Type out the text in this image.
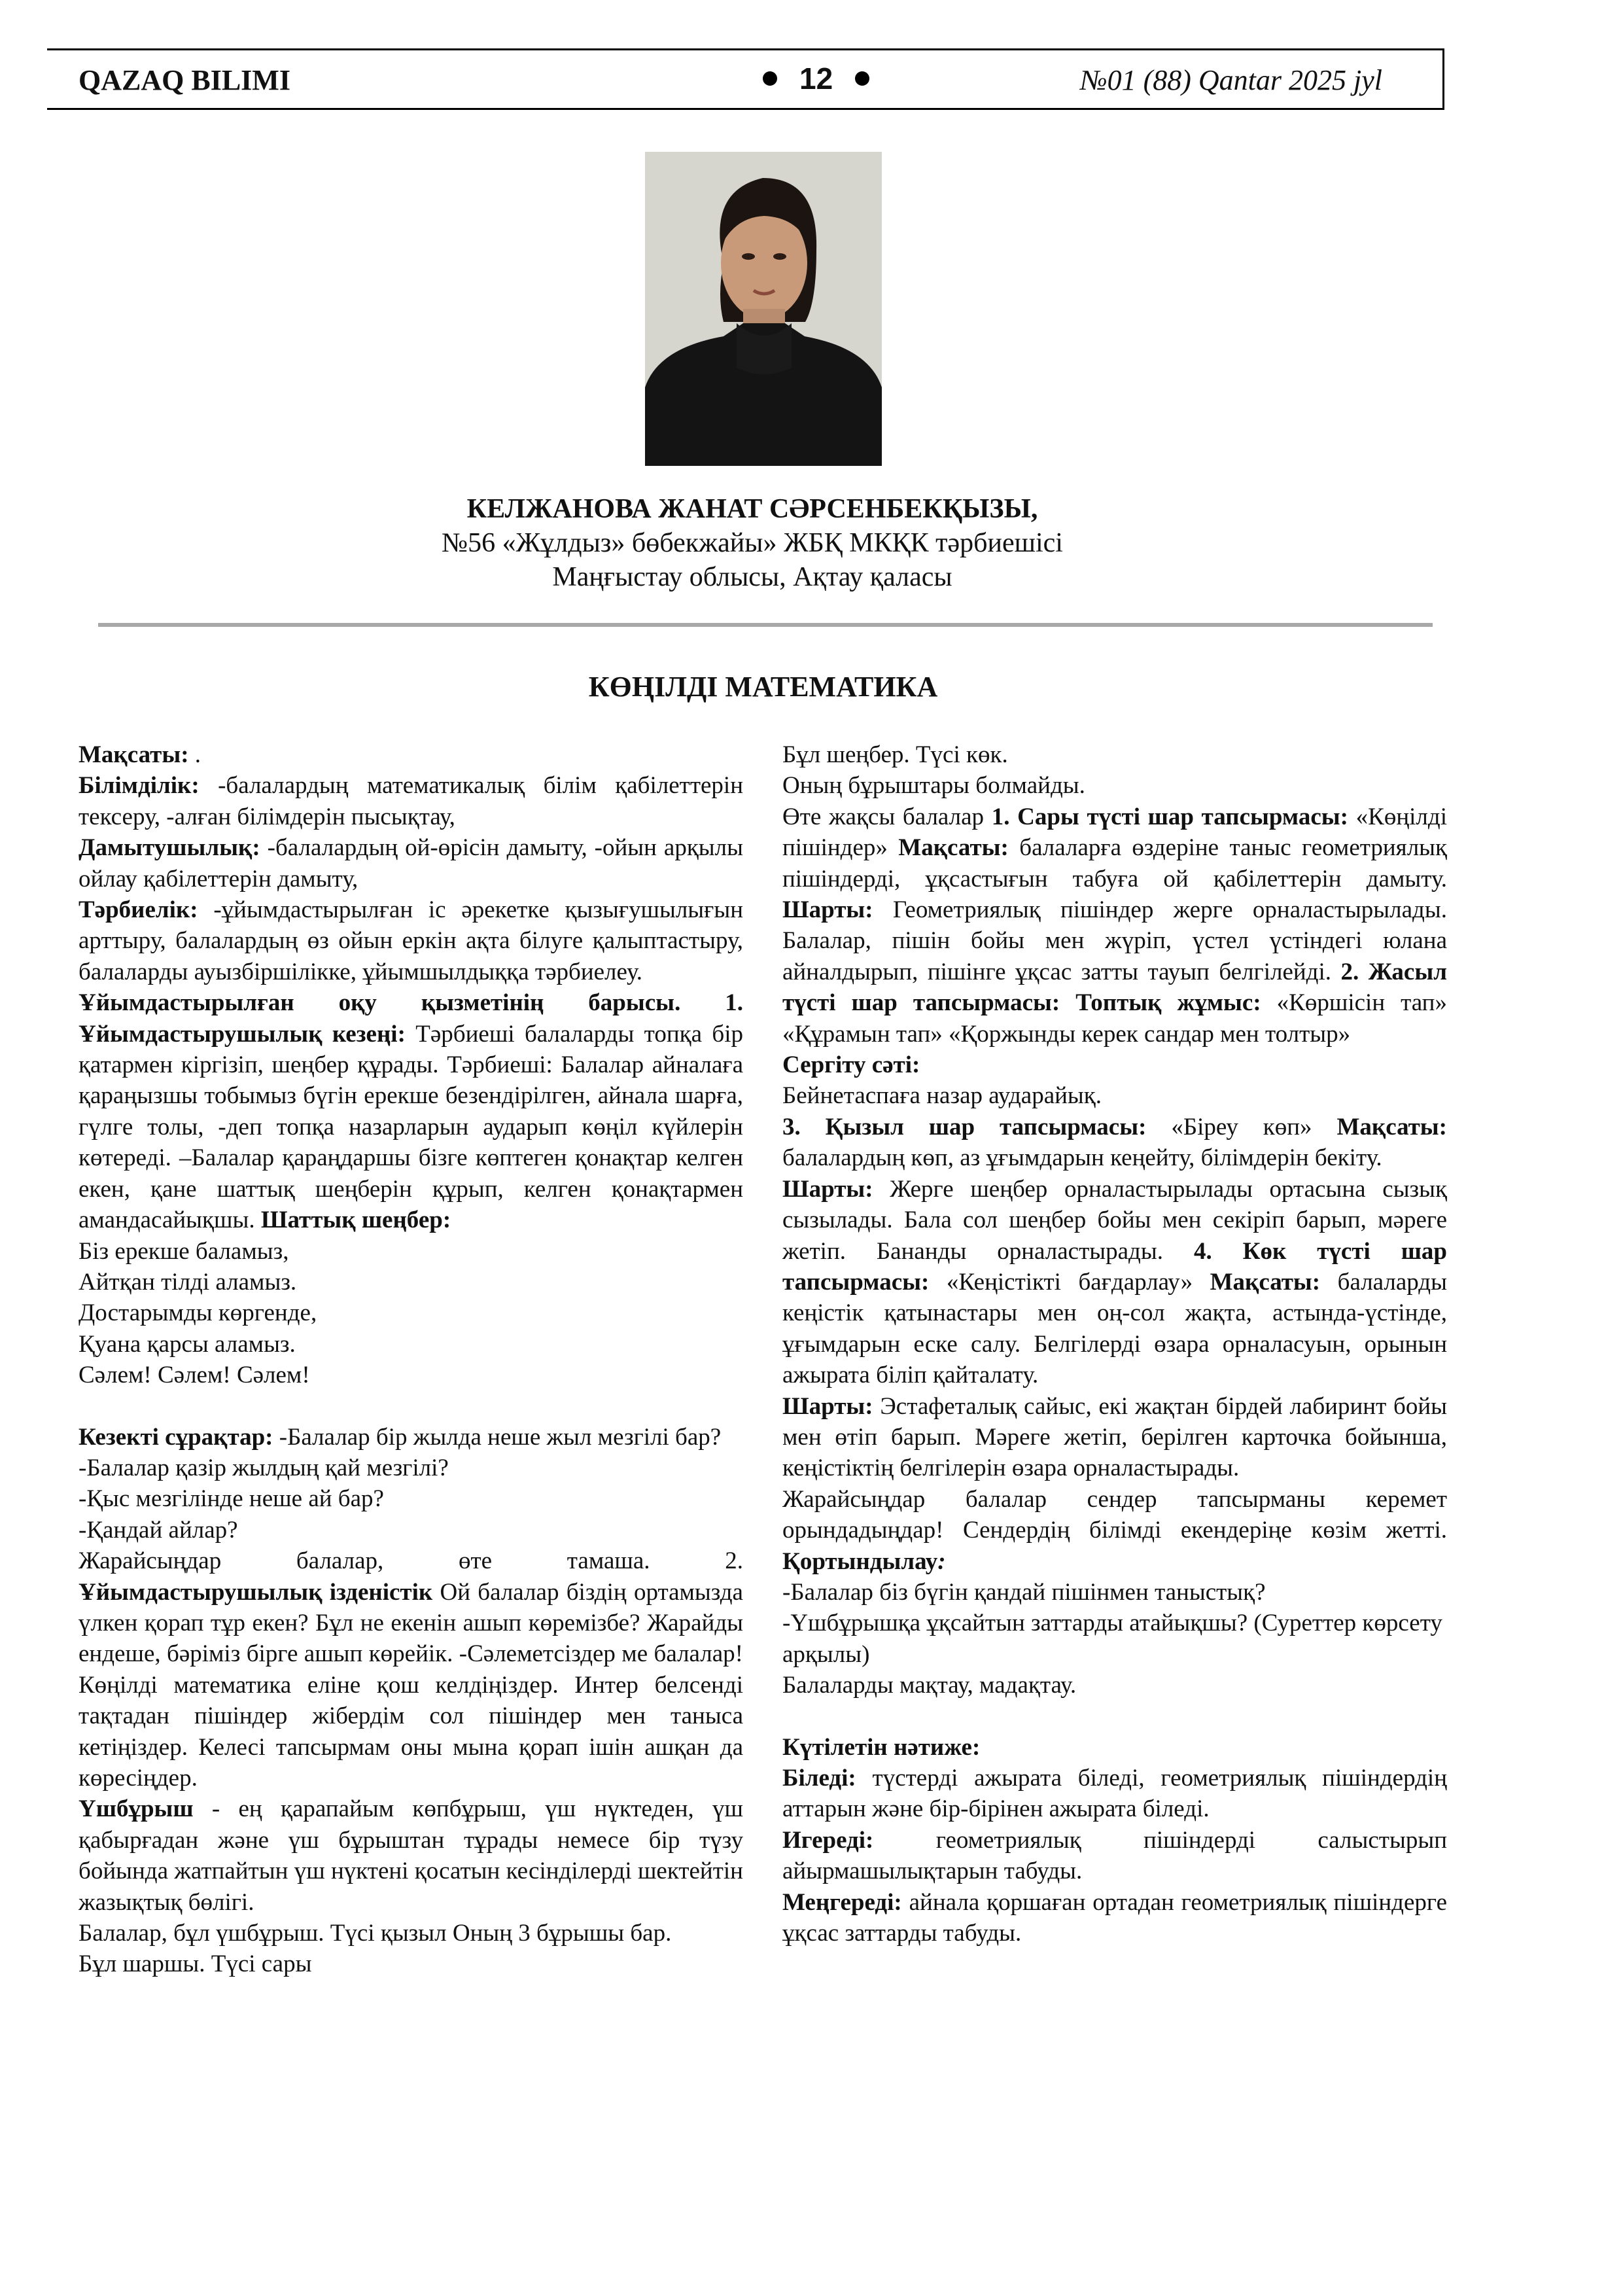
QAZAQ BILIMI	12	№01 (88) Qantar 2025 jyl
КЕЛЖАНОВА ЖАНАТ СӘРСЕНБЕКҚЫЗЫ,
№56 «Жұлдыз» бөбекжайы» ЖБҚ МКҚК тәрбиешісі
Маңғыстау облысы, Ақтау қаласы
КӨҢІЛДІ МАТЕМАТИКА

Мақсаты: .

Білімділік: -балалардың математикалық білім қабілеттерін тексеру, -алған білімдерін пысықтау,

Дамытушылық: -балалардың ой-өрісін дамыту, -ойын арқылы ойлау қабілеттерін дамыту,

Тәрбиелік: -ұйымдастырылған іс әрекетке қызығушылығын арттыру, балалардың өз ойын еркін ақта білуге қалыптастыру, балаларды ауызбіршілікке, ұйымшылдыққа тәрбиелеу.

Ұйымдастырылған оқу қызметінің барысы. 1. Ұйымдастырушылық кезеңі: Тәрбиеші балаларды топқа бір қатармен кіргізіп, шеңбер құрады. Тәрбиеші: Балалар айналаға қараңызшы тобымыз бүгін ерекше безендірілген, айнала шарға, гүлге толы, -деп топқа назарларын аударып көңіл күйлерін көтереді. –Балалар қараңдаршы бізге көптеген қонақтар келген екен, қане шаттық шеңберін құрып, келген қонақтармен амандасайықшы. Шаттық шеңбер:

Біз ерекше баламыз,

Айтқан тілді аламыз.

Достарымды көргенде,

Қуана қарсы аламыз.

Сәлем! Сәлем! Сәлем!

Кезекті сұрақтар: -Балалар бір жылда неше жыл мезгілі бар?

-Балалар қазір жылдың қай мезгілі?

-Қыс мезгілінде неше ай бар?

-Қандай айлар?

Жарайсыңдар балалар, өте тамаша. 2.

Ұйымдастырушылық ізденістік Ой балалар біздің ортамызда үлкен қорап тұр екен? Бұл не екенін ашып көремізбе? Жарайды ендеше, бәріміз бірге ашып көрейік. -Сәлеметсіздер ме балалар! Көңілді математика еліне қош келдіңіздер. Интер белсенді тақтадан пішіндер жібердім сол пішіндер мен таныса кетіңіздер. Келесі тапсырмам оны мына қорап ішін ашқан да көресіңдер.

Үшбұрыш - ең қарапайым көпбұрыш, үш нүктеден, үш қабырғадан және үш бұрыштан тұрады немесе бір түзу бойында жатпайтын үш нүктені қосатын кесінділерді шектейтін жазықтық бөлігі.

Балалар, бұл үшбұрыш. Түсі қызыл Оның 3 бұрышы бар.

Бұл шаршы. Түсі сары

Бұл шеңбер. Түсі көк.

Оның бұрыштары болмайды.

Өте жақсы балалар 1. Сары түсті шар тапсырмасы: «Көңілді пішіндер» Мақсаты: балаларға өздеріне таныс геометриялық пішіндерді, ұқсастығын табуға ой қабілеттерін дамыту. Шарты: Геометриялық пішіндер жерге орналастырылады. Балалар, пішін бойы мен жүріп, үстел үстіндегі юлана айналдырып, пішінге ұқсас затты тауып белгілейді. 2. Жасыл түсті шар тапсырмасы: Топтық жұмыс: «Көршісін тап» «Құрамын тап» «Қоржынды керек сандар мен толтыр»

Сергіту сәті:

Бейнетаспаға назар аударайық.

3. Қызыл шар тапсырмасы: «Біреу көп» Мақсаты: балалардың көп, аз ұғымдарын кеңейту, білімдерін бекіту.

Шарты: Жерге шеңбер орналастырылады ортасына сызық сызылады. Бала сол шеңбер бойы мен секіріп барып, мәреге жетіп. Бананды орналастырады. 4. Көк түсті шар тапсырмасы: «Кеңістікті бағдарлау» Мақсаты: балаларды кеңістік қатынастары мен оң-сол жақта, астында-үстінде, ұғымдарын еске салу. Белгілерді өзара орналасуын, орынын ажырата біліп қайталату.

Шарты: Эстафеталық сайыс, екі жақтан бірдей лабиринт бойы мен өтіп барып. Мәреге жетіп, берілген карточка бойынша, кеңістіктің белгілерін өзара орналастырады.

Жарайсыңдар балалар сендер тапсырманы керемет орындадыңдар! Сендердің білімді екендеріңе көзім жетті. Қортындылау:

-Балалар біз бүгін қандай пішінмен таныстық?

-Үшбұрышқа ұқсайтын заттарды атайықшы? (Суреттер көрсету арқылы)

Балаларды мақтау, мадақтау.

Күтілетін нәтиже:

Біледі: түстерді ажырата біледі, геометриялық пішіндердің аттарын және бір-бірінен ажырата біледі.

Игереді: геометриялық пішіндерді салыстырып айырмашылықтарын табуды.

Меңгереді: айнала қоршаған ортадан геометриялық пішіндерге ұқсас заттарды табуды.
